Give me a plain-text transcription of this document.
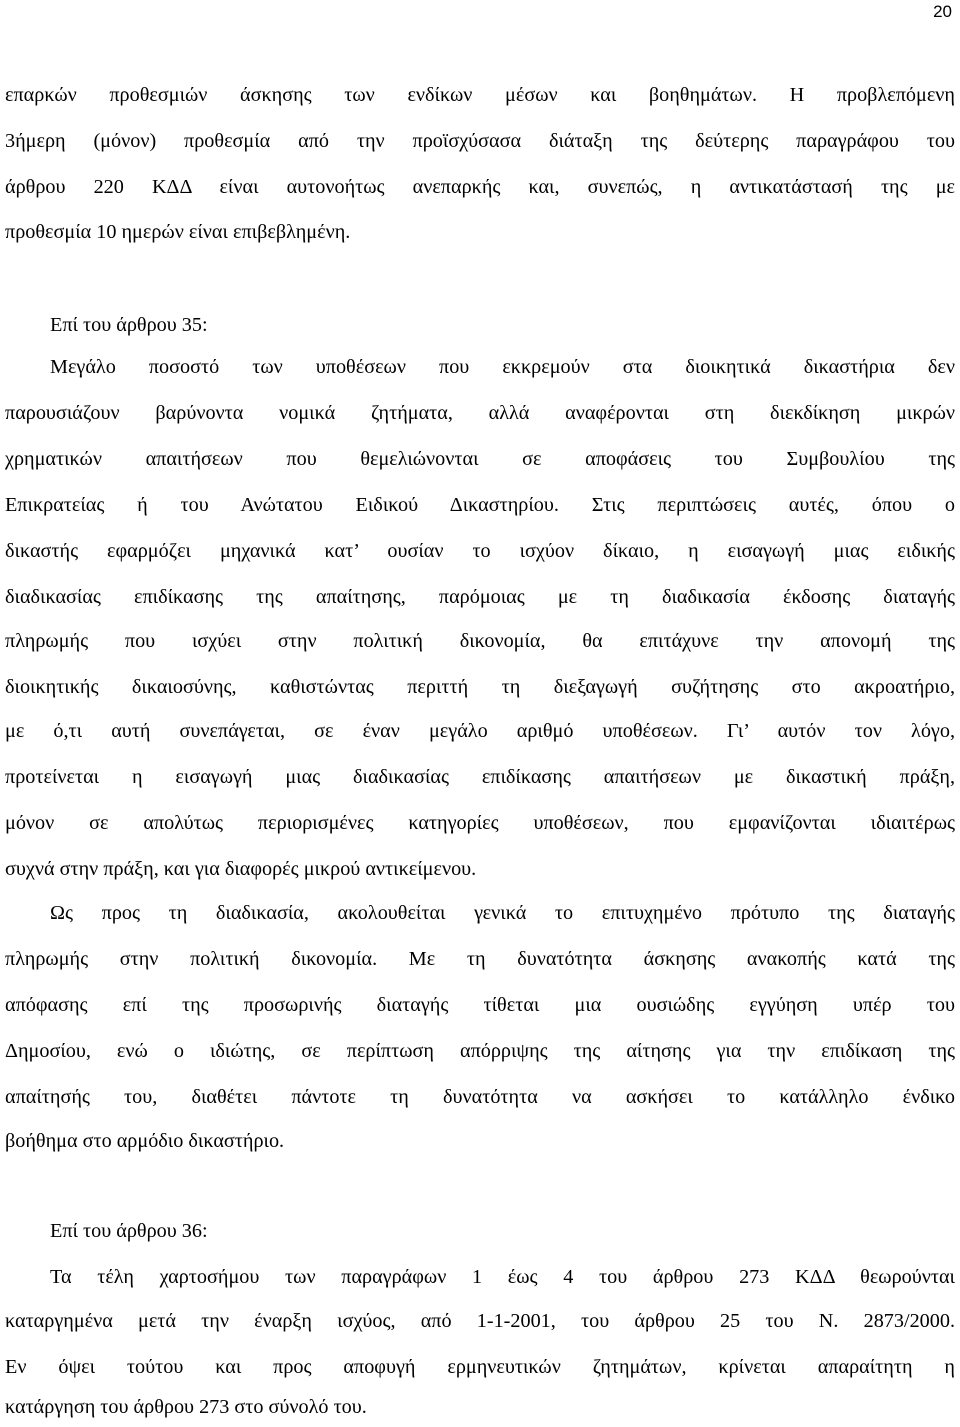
20
επαρκών προθεσμιών άσκησης των ενδίκων μέσων και βοηθημάτων. Η προβλεπόμενη
3ήμερη (μόνον) προθεσμία από την προϊσχύσασα διάταξη της δεύτερης παραγράφου του
άρθρου 220 ΚΔΔ είναι αυτονοήτως ανεπαρκής και, συνεπώς, η αντικατάστασή της με
προθεσμία 10 ημερών είναι επιβεβλημένη.
Επί του άρθρου 35:
Μεγάλο ποσοστό των υποθέσεων που εκκρεμούν στα διοικητικά δικαστήρια δεν
παρουσιάζουν βαρύνοντα νομικά ζητήματα, αλλά αναφέρονται στη διεκδίκηση μικρών
χρηματικών απαιτήσεων που θεμελιώνονται σε αποφάσεις του Συμβουλίου της
Επικρατείας ή του Ανώτατου Ειδικού Δικαστηρίου. Στις περιπτώσεις αυτές, όπου ο
δικαστής εφαρμόζει μηχανικά κατ’ ουσίαν το ισχύον δίκαιο, η εισαγωγή μιας ειδικής
διαδικασίας επιδίκασης της απαίτησης, παρόμοιας με τη διαδικασία έκδοσης διαταγής
πληρωμής που ισχύει στην πολιτική δικονομία, θα επιτάχυνε την απονομή της
διοικητικής δικαιοσύνης, καθιστώντας περιττή τη διεξαγωγή συζήτησης στο ακροατήριο,
με ό,τι αυτή συνεπάγεται, σε έναν μεγάλο αριθμό υποθέσεων. Γι’ αυτόν τον λόγο,
προτείνεται η εισαγωγή μιας διαδικασίας επιδίκασης απαιτήσεων με δικαστική πράξη,
μόνον σε απολύτως περιορισμένες κατηγορίες υποθέσεων, που εμφανίζονται ιδιαιτέρως
συχνά στην πράξη, και για διαφορές μικρού αντικείμενου.
Ως προς τη διαδικασία, ακολουθείται γενικά το επιτυχημένο πρότυπο της διαταγής
πληρωμής στην πολιτική δικονομία. Με τη δυνατότητα άσκησης ανακοπής κατά της
απόφασης επί της προσωρινής διαταγής τίθεται μια ουσιώδης εγγύηση υπέρ του
Δημοσίου, ενώ ο ιδιώτης, σε περίπτωση απόρριψης της αίτησης για την επιδίκαση της
απαίτησής του, διαθέτει πάντοτε τη δυνατότητα να ασκήσει το κατάλληλο ένδικο
βοήθημα στο αρμόδιο δικαστήριο.
Επί του άρθρου 36:
Τα τέλη χαρτοσήμου των παραγράφων 1 έως 4 του άρθρου 273 ΚΔΔ θεωρούνται
καταργημένα μετά την έναρξη ισχύος, από 1-1-2001, του άρθρου 25 του Ν. 2873/2000.
Εν όψει τούτου και προς αποφυγή ερμηνευτικών ζητημάτων, κρίνεται απαραίτητη η
κατάργηση του άρθρου 273 στο σύνολό του.
